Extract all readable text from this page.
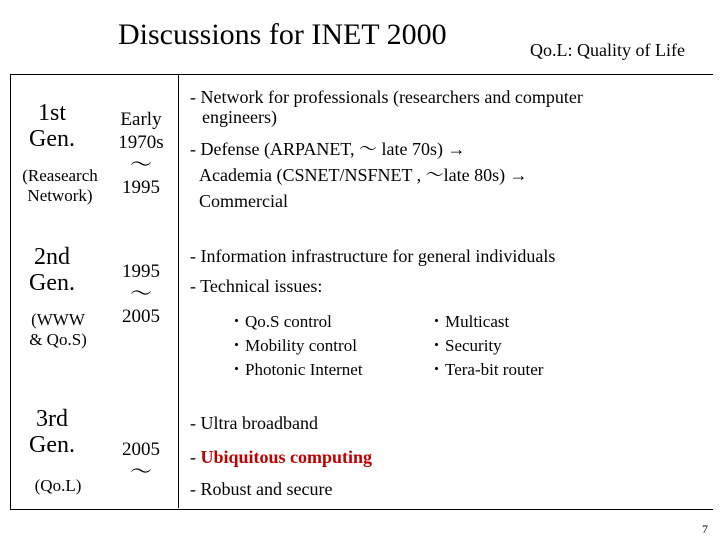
Discussions for INET 2000	Qo.L: Quality of Life
1st
Gen.
(Reasearch
Network)
Early
1970s
～
1995
- Network for professionals (researchers and computer
engineers)
- Defense (ARPANET, ～ late 70s) →
Academia (CSNET/NSFNET , ～late 80s) →
Commercial
2nd
Gen.
(WWW
& Qo.S)
1995
～
2005
- Information infrastructure for general individuals
- Technical issues:
・Qo.S control
・Mobility control
・Photonic Internet
・Multicast
・Security
・Tera-bit router
3rd
Gen.
(Qo.L)
2005
～
- Ultra broadband
- Ubiquitous computing
- Robust and secure
7
